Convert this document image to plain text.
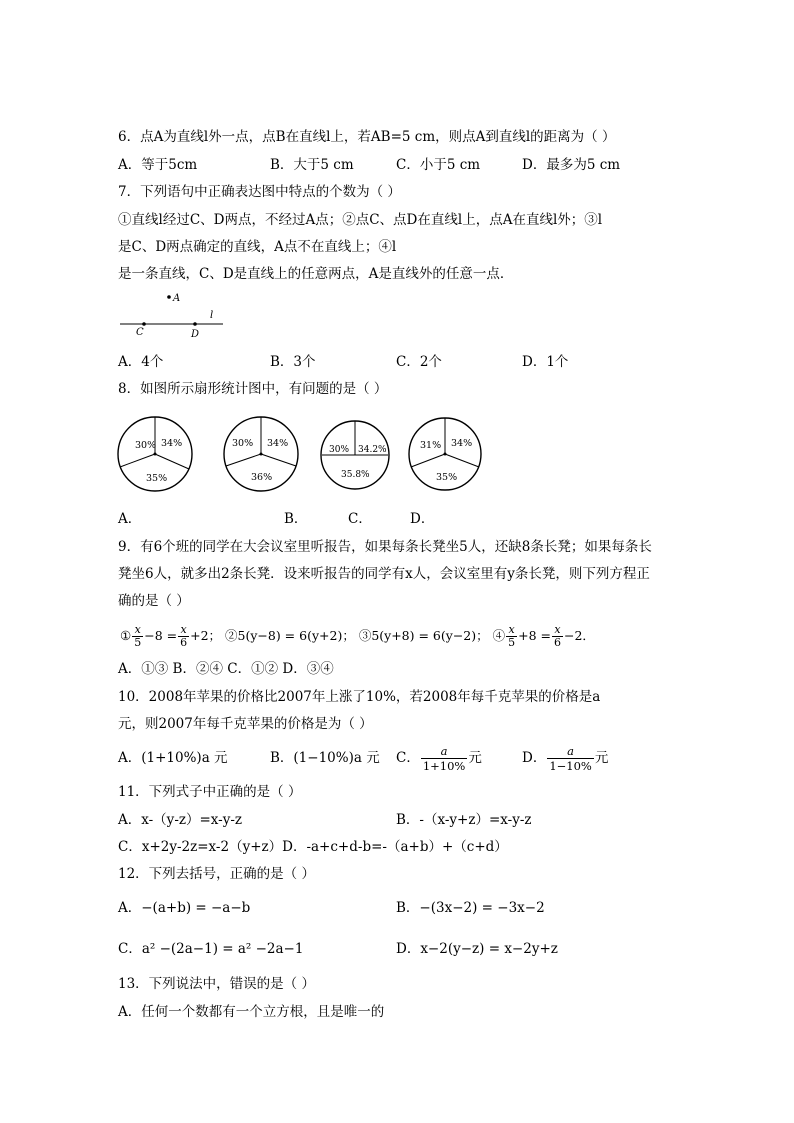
6．点A为直线l外一点，点B在直线l上，若AB=5 cm，则点A到直线l的距离为（ ）
A．等于5cm	B．大于5 cm	C．小于5 cm	D．最多为5 cm
7．下列语句中正确表达图中特点的个数为（ ）
①直线l经过C、D两点，不经过A点；②点C、点D在直线l上，点A在直线l外；③l
是C、D两点确定的直线，A点不在直线上；④l
是一条直线，C、D是直线上的任意两点，A是直线外的任意一点．
A
C	D
l
A．4个	B．3个	C．2个	D．1个
8．如图所示扇形统计图中，有问题的是（ ）
30% 34%
35%
30% 34%
36%
30% 34.2%
35.8%
31% 34%
35%
A．	B．	C．	D．
9．有6个班的同学在大会议室里听报告，如果每条长凳坐5人，还缺8条长凳；如果每条长
凳坐6人，就多出2条长凳．设来听报告的同学有x人，会议室里有y条长凳，则下列方程正
确的是（ ）
① $\frac{x}{5} -8 = \frac{x}{6} +2$； ②5(y−8) = 6(y+2)； ③5(y+8) = 6(y−2)； ④ $\frac{x}{5} +8 = \frac{x}{6} -2$．
A．①③ B．②④ C．①② D．③④
10．2008年苹果的价格比2007年上涨了10%，若2008年每千克苹果的价格是a
元，则2007年每千克苹果的价格是为（ ）
A．(1+10%)a 元	B．(1−10%)a 元 C． $\frac{a}{1+10\%}$ 元	D． $\frac{a}{1-10\%}$ 元
11．下列式子中正确的是（ ）
A．x-（y-z）=x-y-z	B．-（x-y+z）=x-y-z
C．x+2y-2z=x-2（y+z）D．-a+c+d-b=-（a+b）+（c+d）
12．下列去括号，正确的是（ ）
A．−(a+b) = −a−b	B．−(3x−2) = −3x−2
C．a² −(2a−1) = a² −2a−1	D．x−2(y−z) = x−2y+z
13．下列说法中，错误的是（ ）
A．任何一个数都有一个立方根，且是唯一的
